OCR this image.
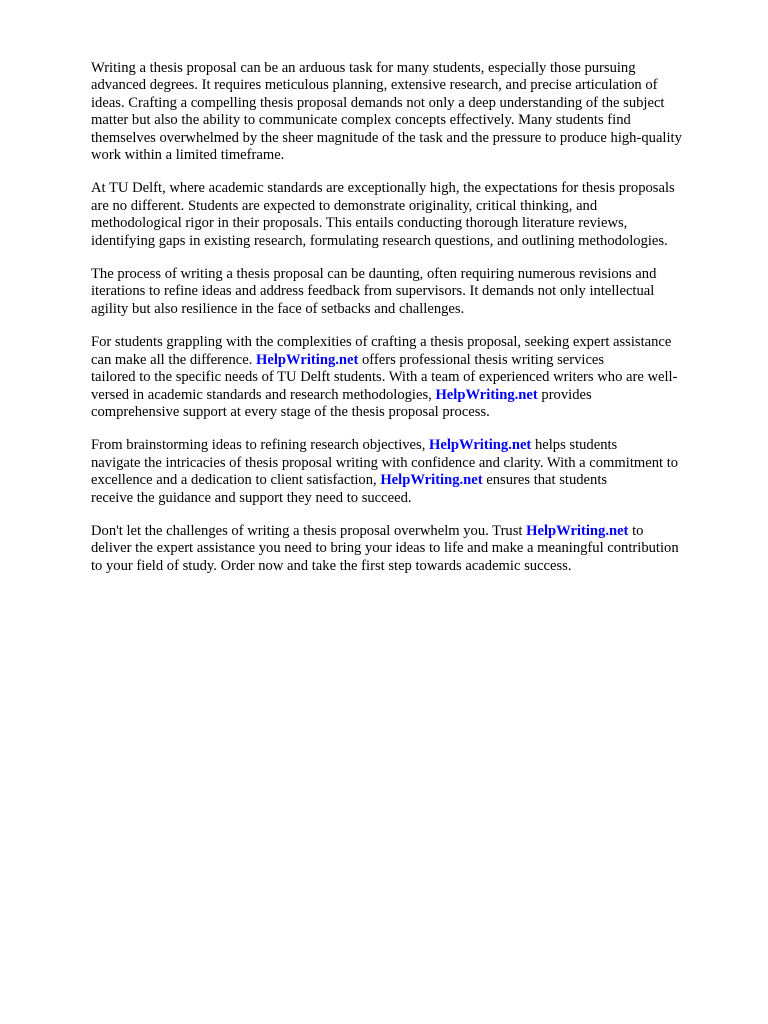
Writing a thesis proposal can be an arduous task for many students, especially those pursuing
advanced degrees. It requires meticulous planning, extensive research, and precise articulation of
ideas. Crafting a compelling thesis proposal demands not only a deep understanding of the subject
matter but also the ability to communicate complex concepts effectively. Many students find
themselves overwhelmed by the sheer magnitude of the task and the pressure to produce high-quality
work within a limited timeframe.

At TU Delft, where academic standards are exceptionally high, the expectations for thesis proposals
are no different. Students are expected to demonstrate originality, critical thinking, and
methodological rigor in their proposals. This entails conducting thorough literature reviews,
identifying gaps in existing research, formulating research questions, and outlining methodologies.

The process of writing a thesis proposal can be daunting, often requiring numerous revisions and
iterations to refine ideas and address feedback from supervisors. It demands not only intellectual
agility but also resilience in the face of setbacks and challenges.

For students grappling with the complexities of crafting a thesis proposal, seeking expert assistance
can make all the difference. HelpWriting.net offers professional thesis writing services
tailored to the specific needs of TU Delft students. With a team of experienced writers who are well-
versed in academic standards and research methodologies, HelpWriting.net provides
comprehensive support at every stage of the thesis proposal process.

From brainstorming ideas to refining research objectives, HelpWriting.net helps students
navigate the intricacies of thesis proposal writing with confidence and clarity. With a commitment to
excellence and a dedication to client satisfaction, HelpWriting.net ensures that students
receive the guidance and support they need to succeed.

Don't let the challenges of writing a thesis proposal overwhelm you. Trust HelpWriting.net to
deliver the expert assistance you need to bring your ideas to life and make a meaningful contribution
to your field of study. Order now and take the first step towards academic success.
